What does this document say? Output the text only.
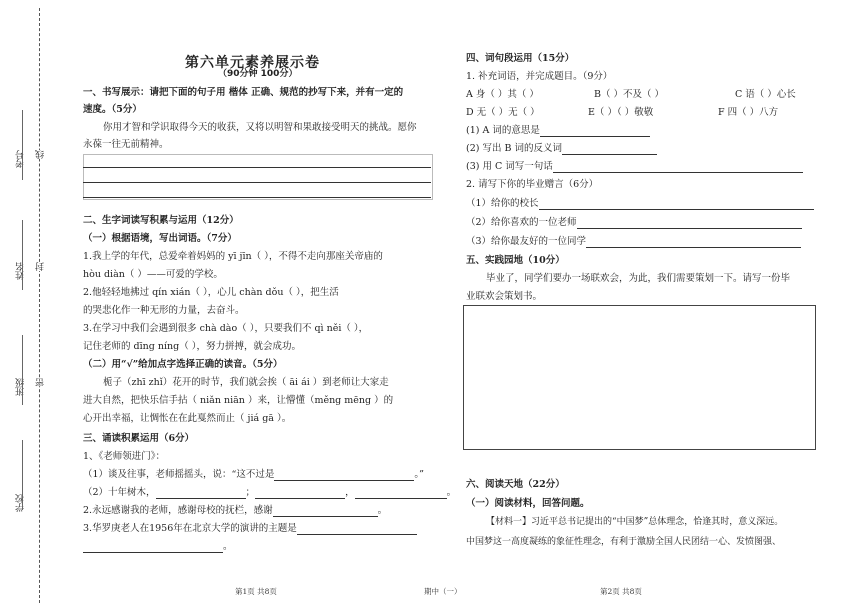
考号
姓名
班级
学校
线
封
密
第六单元素养展示卷
（90分钟 100分）
一、书写展示：请把下面的句子用 楷体 正确、规范的抄写下来，并有一定的
速度。（5分）
你用才智和学识取得今天的收获，又将以明智和果敢接受明天的挑战。愿你
永葆一往无前精神。
二、生字词读写积累与运用（12分）
（一）根据语境，写出词语。（7分）
1.我上学的年代，总爱牵着妈妈的 yī jīn（ ），不得不走向那座关帝庙的
hòu diàn（ ）——可爱的学校。
2.他轻轻地拂过 qín xián（ ），心儿 chàn dǒu（ ），把生活
的哭悲化作一种无形的力量，去奋斗。
3.在学习中我们会遇到很多 chà dào（ ），只要我们不 qì něi（ ），
记住老师的 dīng níng（ ），努力拼搏，就会成功。
（二）用“√”给加点字选择正确的读音。（5分）
栀子（zhī zhǐ）花开的时节，我们就会挨（ āi ái ）到老师让大家走
进大自然，把快乐信手拈（ niǎn niān ）来，让懵懂（měng mēng ）的
心开出幸福，让惆怅在在此戛然而止（ jiá gā ）。
三、诵读积累运用（6分）
1、《老师领进门》：
（1）谈及往事，老师摇摇头，说：“这不过是	。”
（2）十年树木，	；	，	。
2.永远感谢我的老师，感谢母校的抚栏，感谢	。
3.华罗庚老人在1956年在北京大学的演讲的主题是
。
四、词句段运用（15分）
1. 补充词语，并完成题目。（9分）
A 身（ ）其（ ）	B（ ）不及（ ）	C 语（ ）心长
D 无（ ）无（ ）	E（ ）（ ）敬敬	F 四（ ）八方
(1) A 词的意思是
(2) 写出 B 词的反义词
(3) 用 C 词写一句话
2. 请写下你的毕业赠言（6分）
（1）给你的校长
（2）给你喜欢的一位老师
（3）给你最友好的一位同学
五、实践园地（10分）
毕业了，同学们要办一场联欢会，为此，我们需要策划一下。请写一份毕
业联欢会策划书。
六、阅读天地（22分）
（一）阅读材料，回答问题。
【材料一】习近平总书记提出的“中国梦”总体理念，恰逢其时，意义深远。
中国梦这一高度凝练的象征性理念，有利于激励全国人民团结一心、发愤图强、
第1页 共8页	期中（一）	第2页 共8页
